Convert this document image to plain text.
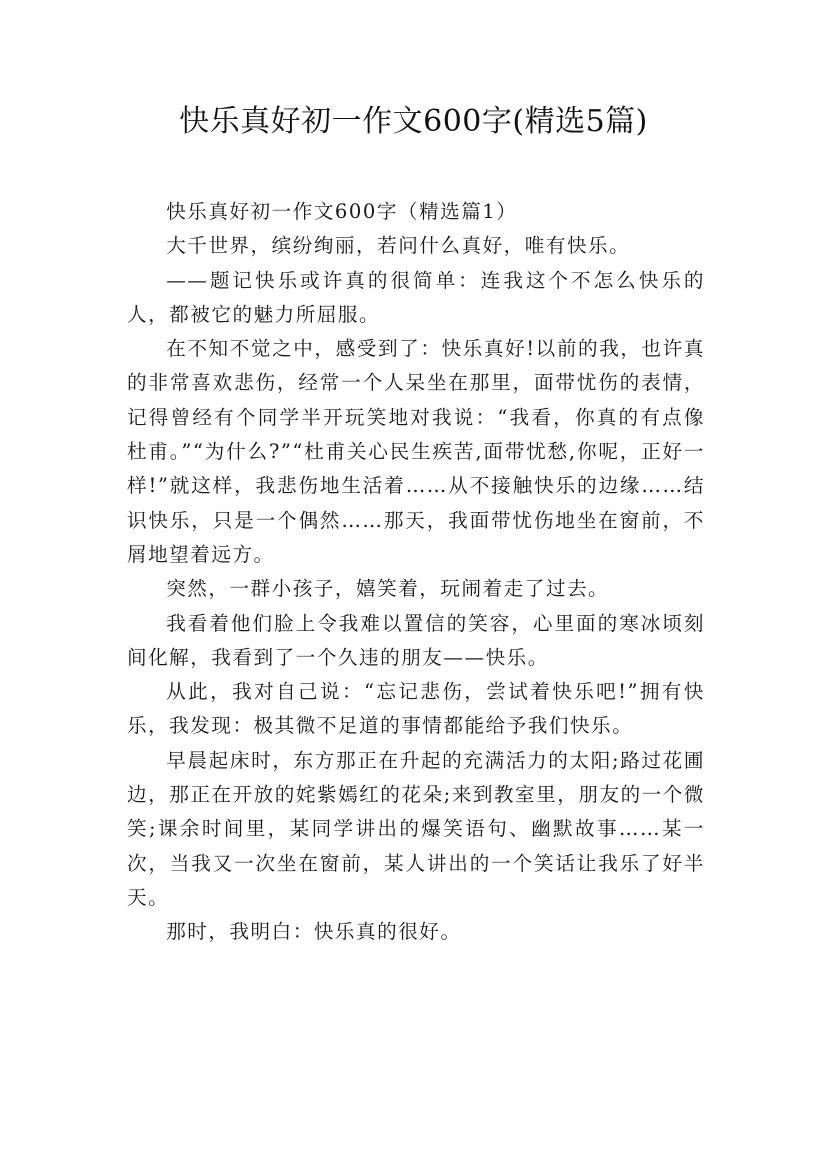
快乐真好初一作文600字(精选5篇)

快乐真好初一作文600字（精选篇1）

大千世界，缤纷绚丽，若问什么真好，唯有快乐。

——题记快乐或许真的很简单：连我这个不怎么快乐的人，都被它的魅力所屈服。

在不知不觉之中，感受到了：快乐真好!以前的我，也许真的非常喜欢悲伤，经常一个人呆坐在那里，面带忧伤的表情，记得曾经有个同学半开玩笑地对我说：“我看，你真的有点像杜甫。”“为什么?”“杜甫关心民生疾苦,面带忧愁,你呢，正好一样!”就这样，我悲伤地生活着……从不接触快乐的边缘……结识快乐，只是一个偶然……那天，我面带忧伤地坐在窗前，不屑地望着远方。

突然，一群小孩子，嬉笑着，玩闹着走了过去。

我看着他们脸上令我难以置信的笑容，心里面的寒冰顷刻间化解，我看到了一个久违的朋友——快乐。

从此，我对自己说：“忘记悲伤，尝试着快乐吧!”拥有快乐，我发现：极其微不足道的事情都能给予我们快乐。

早晨起床时，东方那正在升起的充满活力的太阳;路过花圃边，那正在开放的姹紫嫣红的花朵;来到教室里，朋友的一个微笑;课余时间里，某同学讲出的爆笑语句、幽默故事……某一次，当我又一次坐在窗前，某人讲出的一个笑话让我乐了好半天。

那时，我明白：快乐真的很好。
